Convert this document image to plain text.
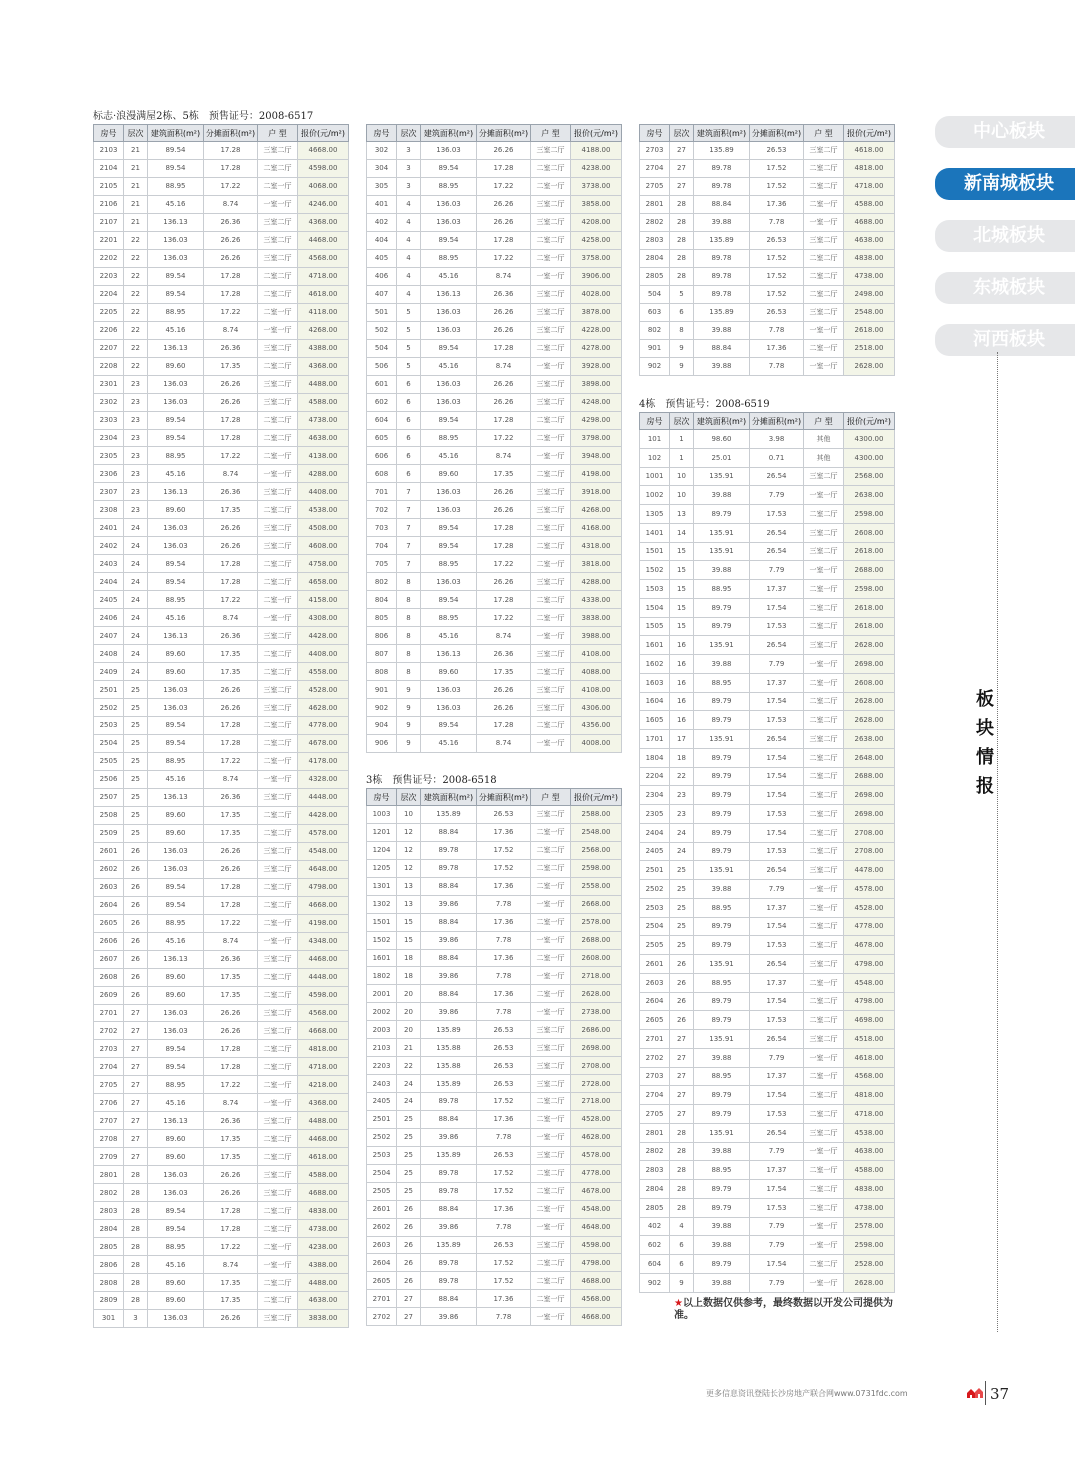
标志·浪漫满屋2栋、5栋　预售证号：2008-6517
房号	层次	建筑面积(m²)	分摊面积(m²)	户 型	报价(元/m²)
2103	21	89.54	17.28	三室二厅	4668.00
2104	21	89.54	17.28	二室二厅	4598.00
2105	21	88.95	17.22	二室一厅	4068.00
2106	21	45.16	8.74	一室一厅	4246.00
2107	21	136.13	26.36	三室二厅	4368.00
2201	22	136.03	26.26	三室二厅	4468.00
2202	22	136.03	26.26	三室二厅	4568.00
2203	22	89.54	17.28	二室二厅	4718.00
2204	22	89.54	17.28	二室二厅	4618.00
2205	22	88.95	17.22	二室一厅	4118.00
2206	22	45.16	8.74	一室一厅	4268.00
2207	22	136.13	26.36	三室二厅	4388.00
2208	22	89.60	17.35	二室二厅	4368.00
2301	23	136.03	26.26	三室二厅	4488.00
2302	23	136.03	26.26	三室二厅	4588.00
2303	23	89.54	17.28	二室二厅	4738.00
2304	23	89.54	17.28	二室二厅	4638.00
2305	23	88.95	17.22	二室一厅	4138.00
2306	23	45.16	8.74	一室一厅	4288.00
2307	23	136.13	26.36	三室二厅	4408.00
2308	23	89.60	17.35	二室二厅	4538.00
2401	24	136.03	26.26	三室二厅	4508.00
2402	24	136.03	26.26	三室二厅	4608.00
2403	24	89.54	17.28	二室二厅	4758.00
2404	24	89.54	17.28	二室二厅	4658.00
2405	24	88.95	17.22	二室一厅	4158.00
2406	24	45.16	8.74	一室一厅	4308.00
2407	24	136.13	26.36	三室二厅	4428.00
2408	24	89.60	17.35	二室二厅	4408.00
2409	24	89.60	17.35	二室二厅	4558.00
2501	25	136.03	26.26	三室二厅	4528.00
2502	25	136.03	26.26	三室二厅	4628.00
2503	25	89.54	17.28	二室二厅	4778.00
2504	25	89.54	17.28	二室二厅	4678.00
2505	25	88.95	17.22	二室一厅	4178.00
2506	25	45.16	8.74	一室一厅	4328.00
2507	25	136.13	26.36	三室二厅	4448.00
2508	25	89.60	17.35	二室二厅	4428.00
2509	25	89.60	17.35	二室二厅	4578.00
2601	26	136.03	26.26	三室二厅	4548.00
2602	26	136.03	26.26	三室二厅	4648.00
2603	26	89.54	17.28	二室二厅	4798.00
2604	26	89.54	17.28	二室二厅	4668.00
2605	26	88.95	17.22	二室一厅	4198.00
2606	26	45.16	8.74	一室一厅	4348.00
2607	26	136.13	26.36	三室二厅	4468.00
2608	26	89.60	17.35	二室二厅	4448.00
2609	26	89.60	17.35	二室二厅	4598.00
2701	27	136.03	26.26	三室二厅	4568.00
2702	27	136.03	26.26	三室二厅	4668.00
2703	27	89.54	17.28	二室二厅	4818.00
2704	27	89.54	17.28	二室二厅	4718.00
2705	27	88.95	17.22	二室一厅	4218.00
2706	27	45.16	8.74	一室一厅	4368.00
2707	27	136.13	26.36	三室二厅	4488.00
2708	27	89.60	17.35	二室二厅	4468.00
2709	27	89.60	17.35	二室二厅	4618.00
2801	28	136.03	26.26	三室二厅	4588.00
2802	28	136.03	26.26	三室二厅	4688.00
2803	28	89.54	17.28	二室二厅	4838.00
2804	28	89.54	17.28	二室二厅	4738.00
2805	28	88.95	17.22	二室一厅	4238.00
2806	28	45.16	8.74	一室一厅	4388.00
2808	28	89.60	17.35	二室二厅	4488.00
2809	28	89.60	17.35	二室二厅	4638.00
301	3	136.03	26.26	三室二厅	3838.00
房号	层次	建筑面积(m²)	分摊面积(m²)	户 型	报价(元/m²)
302	3	136.03	26.26	三室二厅	4188.00
304	3	89.54	17.28	二室二厅	4238.00
305	3	88.95	17.22	二室一厅	3738.00
401	4	136.03	26.26	三室二厅	3858.00
402	4	136.03	26.26	三室二厅	4208.00
404	4	89.54	17.28	二室二厅	4258.00
405	4	88.95	17.22	二室一厅	3758.00
406	4	45.16	8.74	一室一厅	3906.00
407	4	136.13	26.36	三室二厅	4028.00
501	5	136.03	26.26	三室二厅	3878.00
502	5	136.03	26.26	三室二厅	4228.00
504	5	89.54	17.28	二室二厅	4278.00
506	5	45.16	8.74	一室一厅	3928.00
601	6	136.03	26.26	三室二厅	3898.00
602	6	136.03	26.26	三室二厅	4248.00
604	6	89.54	17.28	二室二厅	4298.00
605	6	88.95	17.22	二室一厅	3798.00
606	6	45.16	8.74	一室一厅	3948.00
608	6	89.60	17.35	二室二厅	4198.00
701	7	136.03	26.26	三室二厅	3918.00
702	7	136.03	26.26	三室二厅	4268.00
703	7	89.54	17.28	二室二厅	4168.00
704	7	89.54	17.28	二室二厅	4318.00
705	7	88.95	17.22	二室一厅	3818.00
802	8	136.03	26.26	三室二厅	4288.00
804	8	89.54	17.28	二室二厅	4338.00
805	8	88.95	17.22	二室一厅	3838.00
806	8	45.16	8.74	一室一厅	3988.00
807	8	136.13	26.36	三室二厅	4108.00
808	8	89.60	17.35	二室二厅	4088.00
901	9	136.03	26.26	三室二厅	4108.00
902	9	136.03	26.26	三室二厅	4306.00
904	9	89.54	17.28	二室二厅	4356.00
906	9	45.16	8.74	一室一厅	4008.00
3栋　预售证号：2008-6518
房号	层次	建筑面积(m²)	分摊面积(m²)	户 型	报价(元/m²)
1003	10	135.89	26.53	三室二厅	2588.00
1201	12	88.84	17.36	二室一厅	2548.00
1204	12	89.78	17.52	二室二厅	2568.00
1205	12	89.78	17.52	二室二厅	2598.00
1301	13	88.84	17.36	二室一厅	2558.00
1302	13	39.86	7.78	一室一厅	2668.00
1501	15	88.84	17.36	二室一厅	2578.00
1502	15	39.86	7.78	一室一厅	2688.00
1601	18	88.84	17.36	二室一厅	2608.00
1802	18	39.86	7.78	一室一厅	2718.00
2001	20	88.84	17.36	二室一厅	2628.00
2002	20	39.86	7.78	一室一厅	2738.00
2003	20	135.89	26.53	三室二厅	2686.00
2103	21	135.88	26.53	三室二厅	2698.00
2203	22	135.88	26.53	三室二厅	2708.00
2403	24	135.89	26.53	三室二厅	2728.00
2405	24	89.78	17.52	二室二厅	2718.00
2501	25	88.84	17.36	二室一厅	4528.00
2502	25	39.86	7.78	一室一厅	4628.00
2503	25	135.89	26.53	三室二厅	4578.00
2504	25	89.78	17.52	二室二厅	4778.00
2505	25	89.78	17.52	二室二厅	4678.00
2601	26	88.84	17.36	二室一厅	4548.00
2602	26	39.86	7.78	一室一厅	4648.00
2603	26	135.89	26.53	三室二厅	4598.00
2604	26	89.78	17.52	二室二厅	4798.00
2605	26	89.78	17.52	二室二厅	4688.00
2701	27	88.84	17.36	二室一厅	4568.00
2702	27	39.86	7.78	一室一厅	4668.00
房号	层次	建筑面积(m²)	分摊面积(m²)	户 型	报价(元/m²)
2703	27	135.89	26.53	三室二厅	4618.00
2704	27	89.78	17.52	二室二厅	4818.00
2705	27	89.78	17.52	二室二厅	4718.00
2801	28	88.84	17.36	二室一厅	4588.00
2802	28	39.88	7.78	一室一厅	4688.00
2803	28	135.89	26.53	三室二厅	4638.00
2804	28	89.78	17.52	二室二厅	4838.00
2805	28	89.78	17.52	二室二厅	4738.00
504	5	89.78	17.52	二室二厅	2498.00
603	6	135.89	26.53	三室二厅	2548.00
802	8	39.88	7.78	一室一厅	2618.00
901	9	88.84	17.36	二室一厅	2518.00
902	9	39.88	7.78	一室一厅	2628.00
4栋　预售证号：2008-6519
房号	层次	建筑面积(m²)	分摊面积(m²)	户 型	报价(元/m²)
101	1	98.60	3.98	其他	4300.00
102	1	25.01	0.71	其他	4300.00
1001	10	135.91	26.54	三室二厅	2568.00
1002	10	39.88	7.79	一室一厅	2638.00
1305	13	89.79	17.53	二室二厅	2598.00
1401	14	135.91	26.54	三室二厅	2608.00
1501	15	135.91	26.54	三室二厅	2618.00
1502	15	39.88	7.79	一室一厅	2688.00
1503	15	88.95	17.37	二室一厅	2598.00
1504	15	89.79	17.54	二室二厅	2618.00
1505	15	89.79	17.53	二室二厅	2618.00
1601	16	135.91	26.54	三室二厅	2628.00
1602	16	39.88	7.79	一室一厅	2698.00
1603	16	88.95	17.37	二室一厅	2608.00
1604	16	89.79	17.54	二室二厅	2628.00
1605	16	89.79	17.53	二室二厅	2628.00
1701	17	135.91	26.54	三室二厅	2638.00
1804	18	89.79	17.54	二室二厅	2648.00
2204	22	89.79	17.54	二室二厅	2688.00
2304	23	89.79	17.54	二室二厅	2698.00
2305	23	89.79	17.53	二室二厅	2698.00
2404	24	89.79	17.54	二室二厅	2708.00
2405	24	89.79	17.53	二室二厅	2708.00
2501	25	135.91	26.54	三室二厅	4478.00
2502	25	39.88	7.79	一室一厅	4578.00
2503	25	88.95	17.37	二室一厅	4528.00
2504	25	89.79	17.54	二室二厅	4778.00
2505	25	89.79	17.53	二室二厅	4678.00
2601	26	135.91	26.54	三室二厅	4798.00
2603	26	88.95	17.37	二室一厅	4548.00
2604	26	89.79	17.54	二室二厅	4798.00
2605	26	89.79	17.53	二室二厅	4698.00
2701	27	135.91	26.54	三室二厅	4518.00
2702	27	39.88	7.79	一室一厅	4618.00
2703	27	88.95	17.37	二室一厅	4568.00
2704	27	89.79	17.54	二室二厅	4818.00
2705	27	89.79	17.53	二室二厅	4718.00
2801	28	135.91	26.54	三室二厅	4538.00
2802	28	39.88	7.79	一室一厅	4638.00
2803	28	88.95	17.37	二室一厅	4588.00
2804	28	89.79	17.54	二室二厅	4838.00
2805	28	89.79	17.53	二室二厅	4738.00
402	4	39.88	7.79	一室一厅	2578.00
602	6	39.88	7.79	一室一厅	2598.00
604	6	89.79	17.54	二室二厅	2528.00
902	9	39.88	7.79	一室一厅	2628.00
★以上数据仅供参考，最终数据以开发公司提供为准。
中心板块
新南城板块
北城板块
东城板块
河西板块
板块情报
更多信息资讯登陆长沙房地产联合网www.0731fdc.com	37
